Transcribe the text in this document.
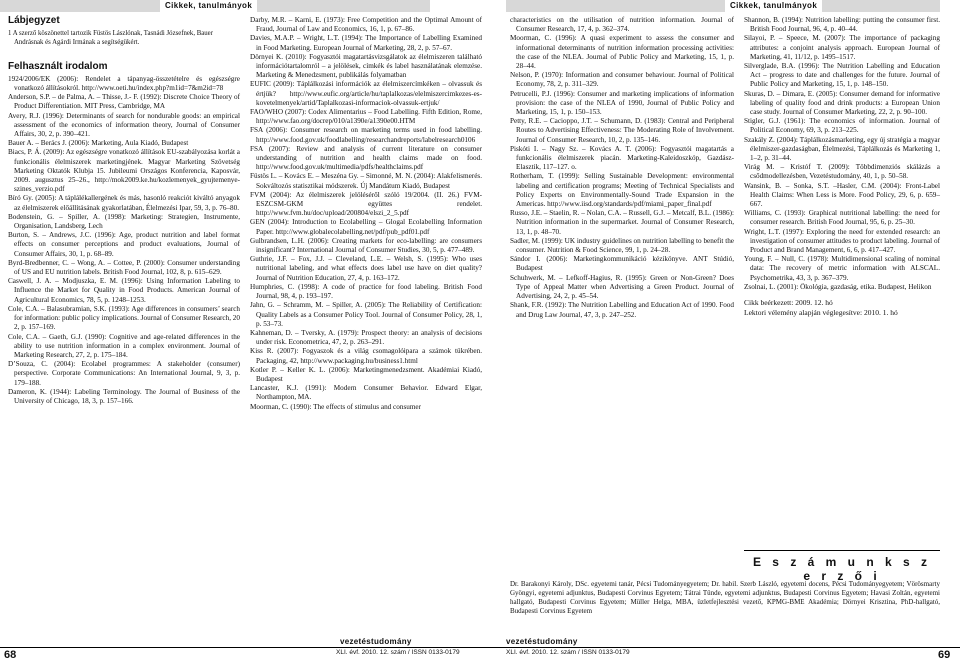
Cikkek, tanulmányok
Lábjegyzet
1 A szerző köszönettel tartozik Füstös Lászlónak, Tasnádi Józsefnek, Bauer Andrásnak és Agárdi Irmának a segítségükért.
Felhasznált irodalom

1924/2006/EK (2006): Rendelet a tápanyag-összetételre és egészségre vonatkozó állításokról. http://www.oeti.hu/index.php?m1id=7&m2id=78

Anderson, S.P. – de Palma, A. – Thisse, J.- F. (1992): Discrete Choice Theory of Product Differentiation. MIT Press, Cambridge, MA

Avery, R.J. (1996): Determinants of search for nondurable goods: an empirical assessment of the economics of information theory, Journal of Consumer Affairs, 30, 2, p. 390–421.

Bauer A. – Berács J. (2006): Marketing, Aula Kiadó, Budapest

Biacs, P. Á. (2009): Az egészségre vonatkozó állítások EU-szabályozása korlát a funkcionális élelmiszerek marketingjének. Magyar Marketing Szövetség Marketing Oktatók Klubja 15. Jubileumi Országos Konferencia, Kaposvár, 2009. augusztus 25–26., http://mok2009.ke.hu/kozlemenyek_gyujtemenye-szines_verzio.pdf

Bíró Gy. (2005): A táplálékallergének és más, hasonló reakciót kiváltó anyagok az élelmiszerek előállításának gyakorlatában, Élelmezési Ipar, 59, 3, p. 76–80.

Bodenstein, G. – Spiller, A. (1998): Marketing: Strategien, Instrumente, Organisation, Landsberg, Lech

Burton, S. – Andrews, J.C. (1996): Age, product nutrition and label format effects on consumer perceptions and product evaluations, Journal of Consumer Affairs, 30, 1, p. 68–89.

Byrd-Bredbenner, C. – Wong, A. – Cottee, P. (2000): Consumer understanding of US and EU nutrition labels. British Food Journal, 102, 8, p. 615–629.

Caswell, J. A. – Modjuszka, E. M. (1996): Using Information Labeling to Influence the Market for Quality in Food Products. American Journal of Agricultural Economics, 78, 5, p. 1248–1253.

Cole, C.A. – Balasubramian, S.K. (1993): Age differences in consumers’ search for information: public policy implications. Journal of Consumer Research, 20 2, p. 157–169.

Cole, C.A. – Gaeth, G.J. (1990): Cognitive and age-related differences in the ability to use nutrition information in a complex environment. Journal of Marketing Research, 27, 2, p. 175–184.

D’Souza, C. (2004): Ecolabel programmes: A stakeholder (consumer) perspective. Corporate Communications: An International Journal, 9, 3, p. 179–188.

Dameron, K. (1944): Labeling Terminology. The Journal of Business of the University of Chicago, 18, 3, p. 157–166.

Darby, M.R. – Karni, E. (1973): Free Competition and the Optimal Amount of Fraud, Journal of Law and Economics, 16, 1, p. 67–86.

Davies, M.A.P. – Wright, L.T. (1994): The Importance of Labelling Examined in Food Marketing. European Journal of Marketing, 28, 2, p. 57–67.

Dörnyei K. (2010): Fogyasztói magatartásvizsgálatok az élelmiszeren található információtartalomról – a jelölések, címkék és label használatának elemzése. Marketing & Menedzsment, publikálás folyamatban

EUFIC (2009): Táplálkozási információk az élelmiszercímkéken – olvassuk és értjük? http://www.eufic.org/article/hu/taplalkozas/elelmiszercimkezes-es-kovetelmenyek/artid/Taplalkozasi-informaciok-olvassuk-ertjuk/

FAO/WHO (2007): Codex Alimentarius – Food Labelling. Fifth Edition, Rome, http://www.fao.org/docrep/010/a1390e/a1390e00.HTM

FSA (2006): Consumer research on marketing terms used in food labelling. http://www.food.gov.uk/foodlabelling/researchandreports/labelresearch0106

FSA (2007): Review and analysis of current literature on consumer understanding of nutrition and health claims made on food. http://www.food.gov.uk/multimedia/pdfs/healthclaims.pdf

Füstös L. – Kovács E. – Meszéna Gy. – Simonné, M. N. (2004): Alakfelismerés. Sokváltozós statisztikai módszerek. Új Mandátum Kiadó, Budapest

FVM (2004): Az élelmiszerek jelöléséről szóló 19/2004. (II. 26.) FVM-ESZCSM-GKM együttes rendelet. http://www.fvm.hu/doc/upload/200804/elszi_2_5.pdf

GEN (2004): Introduction to Ecolabelling – Glogal Ecolabelling Information Paper. http://www.globalecolabelling.net/pdf/pub_pdf01.pdf

Gulbrandsen, L.H. (2006): Creating markets for eco-labelling: are consumers insignificant? International Journal of Consumer Studies, 30, 5, p. 477–489.

Guthrie, J.F. – Fox, J.J. – Cleveland, L.E. – Welsh, S. (1995): Who uses nutritional labeling, and what effects does label use have on diet quality? Journal of Nutrition Education, 27, 4, p. 163–172.

Humphries, C. (1998): A code of practice for food labeling. British Food Journal, 98, 4, p. 193–197.

Jahn, G. – Schramm, M. – Spiller, A. (2005): The Reliability of Certification: Quality Labels as a Consumer Policy Tool. Journal of Consumer Policy, 28, 1, p. 53–73.

Kahneman, D. – Tversky, A. (1979): Prospect theory: an analysis of decisions under risk. Econometrica, 47, 2, p. 263–291.

Kiss R. (2007): Fogyaszok és a világ csomagolóipara a számok tükrében. Packaging, 42, http://www.packaging.hu/business1.html

Kotler P. – Keller K. L. (2006): Marketingmenedzsment. Akadémiai Kiadó, Budapest

Lancaster, K.J. (1991): Modern Consumer Behavior. Edward Elgar, Northampton, MA.

Moorman, C. (1990): The effects of stimulus and consumer

vezetéstudomány
XLI. évf. 2010. 12. szám / ISSN 0133-0179
68
Cikkek, tanulmányok

characteristics on the utilisation of nutrition information. Journal of Consumer Research, 17, 4, p. 362–374.

Moorman, C. (1996): A quasi experiment to assess the consumer and informational determinants of nutrition information processing activities: the case of the NLEA. Journal of Public Policy and Marketing, 15, 1, p. 28–44.

Nelson, P. (1970): Information and consumer behaviour. Journal of Political Economy, 78, 2, p. 311–329.

Petrucelli, P.J. (1996): Consumer and marketing implications of information provision: the case of the NLEA of 1990, Journal of Public Policy and Marketing, 15, 1, p. 150–153.

Petty, R.E. – Cacioppo, J.T. – Schumann, D. (1983): Central and Peripheral Routes to Advertising Effectiveness: The Moderating Role of Involvement. Journal of Consumer Research, 10, 2, p. 135–146.

Piskóti I. – Nagy Sz. – Kovács A. T. (2006): Fogyasztói magatartás a funkcionális élelmiszerek piacán. Marketing-Kaleidoszkóp, Gazdász-Elasztik, 117–127. o.

Rotherham, T. (1999): Selling Sustainable Development: environmental labeling and certification programs; Meeting of Technical Specialists and Policy Experts on Environmentally-Sound Trade Expansion in the Americas. http://www.iisd.org/standards/pdf/miami_paper_final.pdf

Russo, J.E. – Staelin, R. – Nolan, C.A. – Russell, G.J. – Metcalf, B.L. (1986): Nutrition information in the supermarket. Journal of Consumer Research, 13, 1, p. 48–70.

Sadler, M. (1999): UK industry guidelines on nutrition labelling to benefit the consumer. Nutrition & Food Science, 99, 1, p. 24–28.

Sándor I. (2006): Marketingkommunikáció kézikönyve. ANT Stúdió, Budapest

Schuhwerk, M. – Lefkoff-Hagius, R. (1995): Green or Non-Green? Does Type of Appeal Matter when Advertising a Green Product. Journal of Advertising, 24, 2, p. 45–54.

Shank, F.R. (1992): The Nutrition Labelling and Education Act of 1990. Food and Drug Law Journal, 47, 3, p. 247–252.

Shannon, B. (1994): Nutrition labelling: putting the consumer first. British Food Journal, 96, 4, p. 40–44.

Silayoi, P. – Speece, M. (2007): The importance of packaging attributes: a conjoint analysis approach. European Journal of Marketing, 41, 11/12, p. 1495–1517.

Silverglade, B.A. (1996): The Nutrition Labelling and Education Act – progress to date and challenges for the future. Journal of Public Policy and Marketing, 15, 1, p. 148–150.

Skuras, D. – Dimara, E. (2005): Consumer demand for informative labeling of quality food and drink products: a European Union case study. Journal of Consumer Marketing, 22, 2, p. 90–100.

Stigler, G.J. (1961): The economics of information. Journal of Political Economy, 69, 3, p. 213–225.

Szakály Z. (2004): Táplálkozásmarketing, egy új stratégia a magyar élelmiszer-gazdaságban, Élelmezési, Táplálkozás és Marketing 1, 1–2, p. 31–44.

Virág M. – Kristóf T. (2009): Többdimenziós skálázás a csődmodellezésben, Vezetéstudomány, 40, 1, p. 50–58.

Wansink, B. – Sonka, S.T. –Hasler, C.M. (2004): Front-Label Health Claims: When Less is More. Food Policy, 29, 6, p. 659–667.

Williams, C. (1993): Graphical nutritional labelling: the need for consumer research. British Food Journal, 95, 6, p. 25–30.

Wright, L.T. (1997): Exploring the need for extended research: an investigation of consumer attitudes to product labeling. Journal of Product and Brand Management, 6, 6, p. 417–427.

Young, F. – Null, C. (1978): Multidimensional scaling of nominal data: The recovery of metric information with ALSCAL. Psychometrika, 43, 3, p. 367–379.

Zsolnai, L. (2001): Ökológia, gazdaság, etika. Budapest, Helikon

Cikk beérkezett: 2009. 12. hó
Lektori vélemény alapján véglegesítve: 2010. 1. hó
E s z á m u n k s z e r z ő i
Dr. Barakonyi Károly, DSc. egyetemi tanár, Pécsi Tudományegyetem; Dr. habil. Szerb László, egyetemi docens, Pécsi Tudományegyetem; Vörösmarty Gyöngyi, egyetemi adjunktus, Budapesti Corvinus Egyetem; Tátrai Tünde, egyetemi adjunktus, Budapesti Corvinus Egyetem; Havasi Zoltán, egyetemi hallgató, Budapesti Corvinus Egyetem; Müller Helga, MBA, üzletfejlesztési vezető, KPMG-BME Akadémia; Dörnyei Krisztina, PhD-hallgató, Budapesti Corvinus Egyetem
vezetéstudomány
XLI. évf. 2010. 12. szám / ISSN 0133-0179	69
